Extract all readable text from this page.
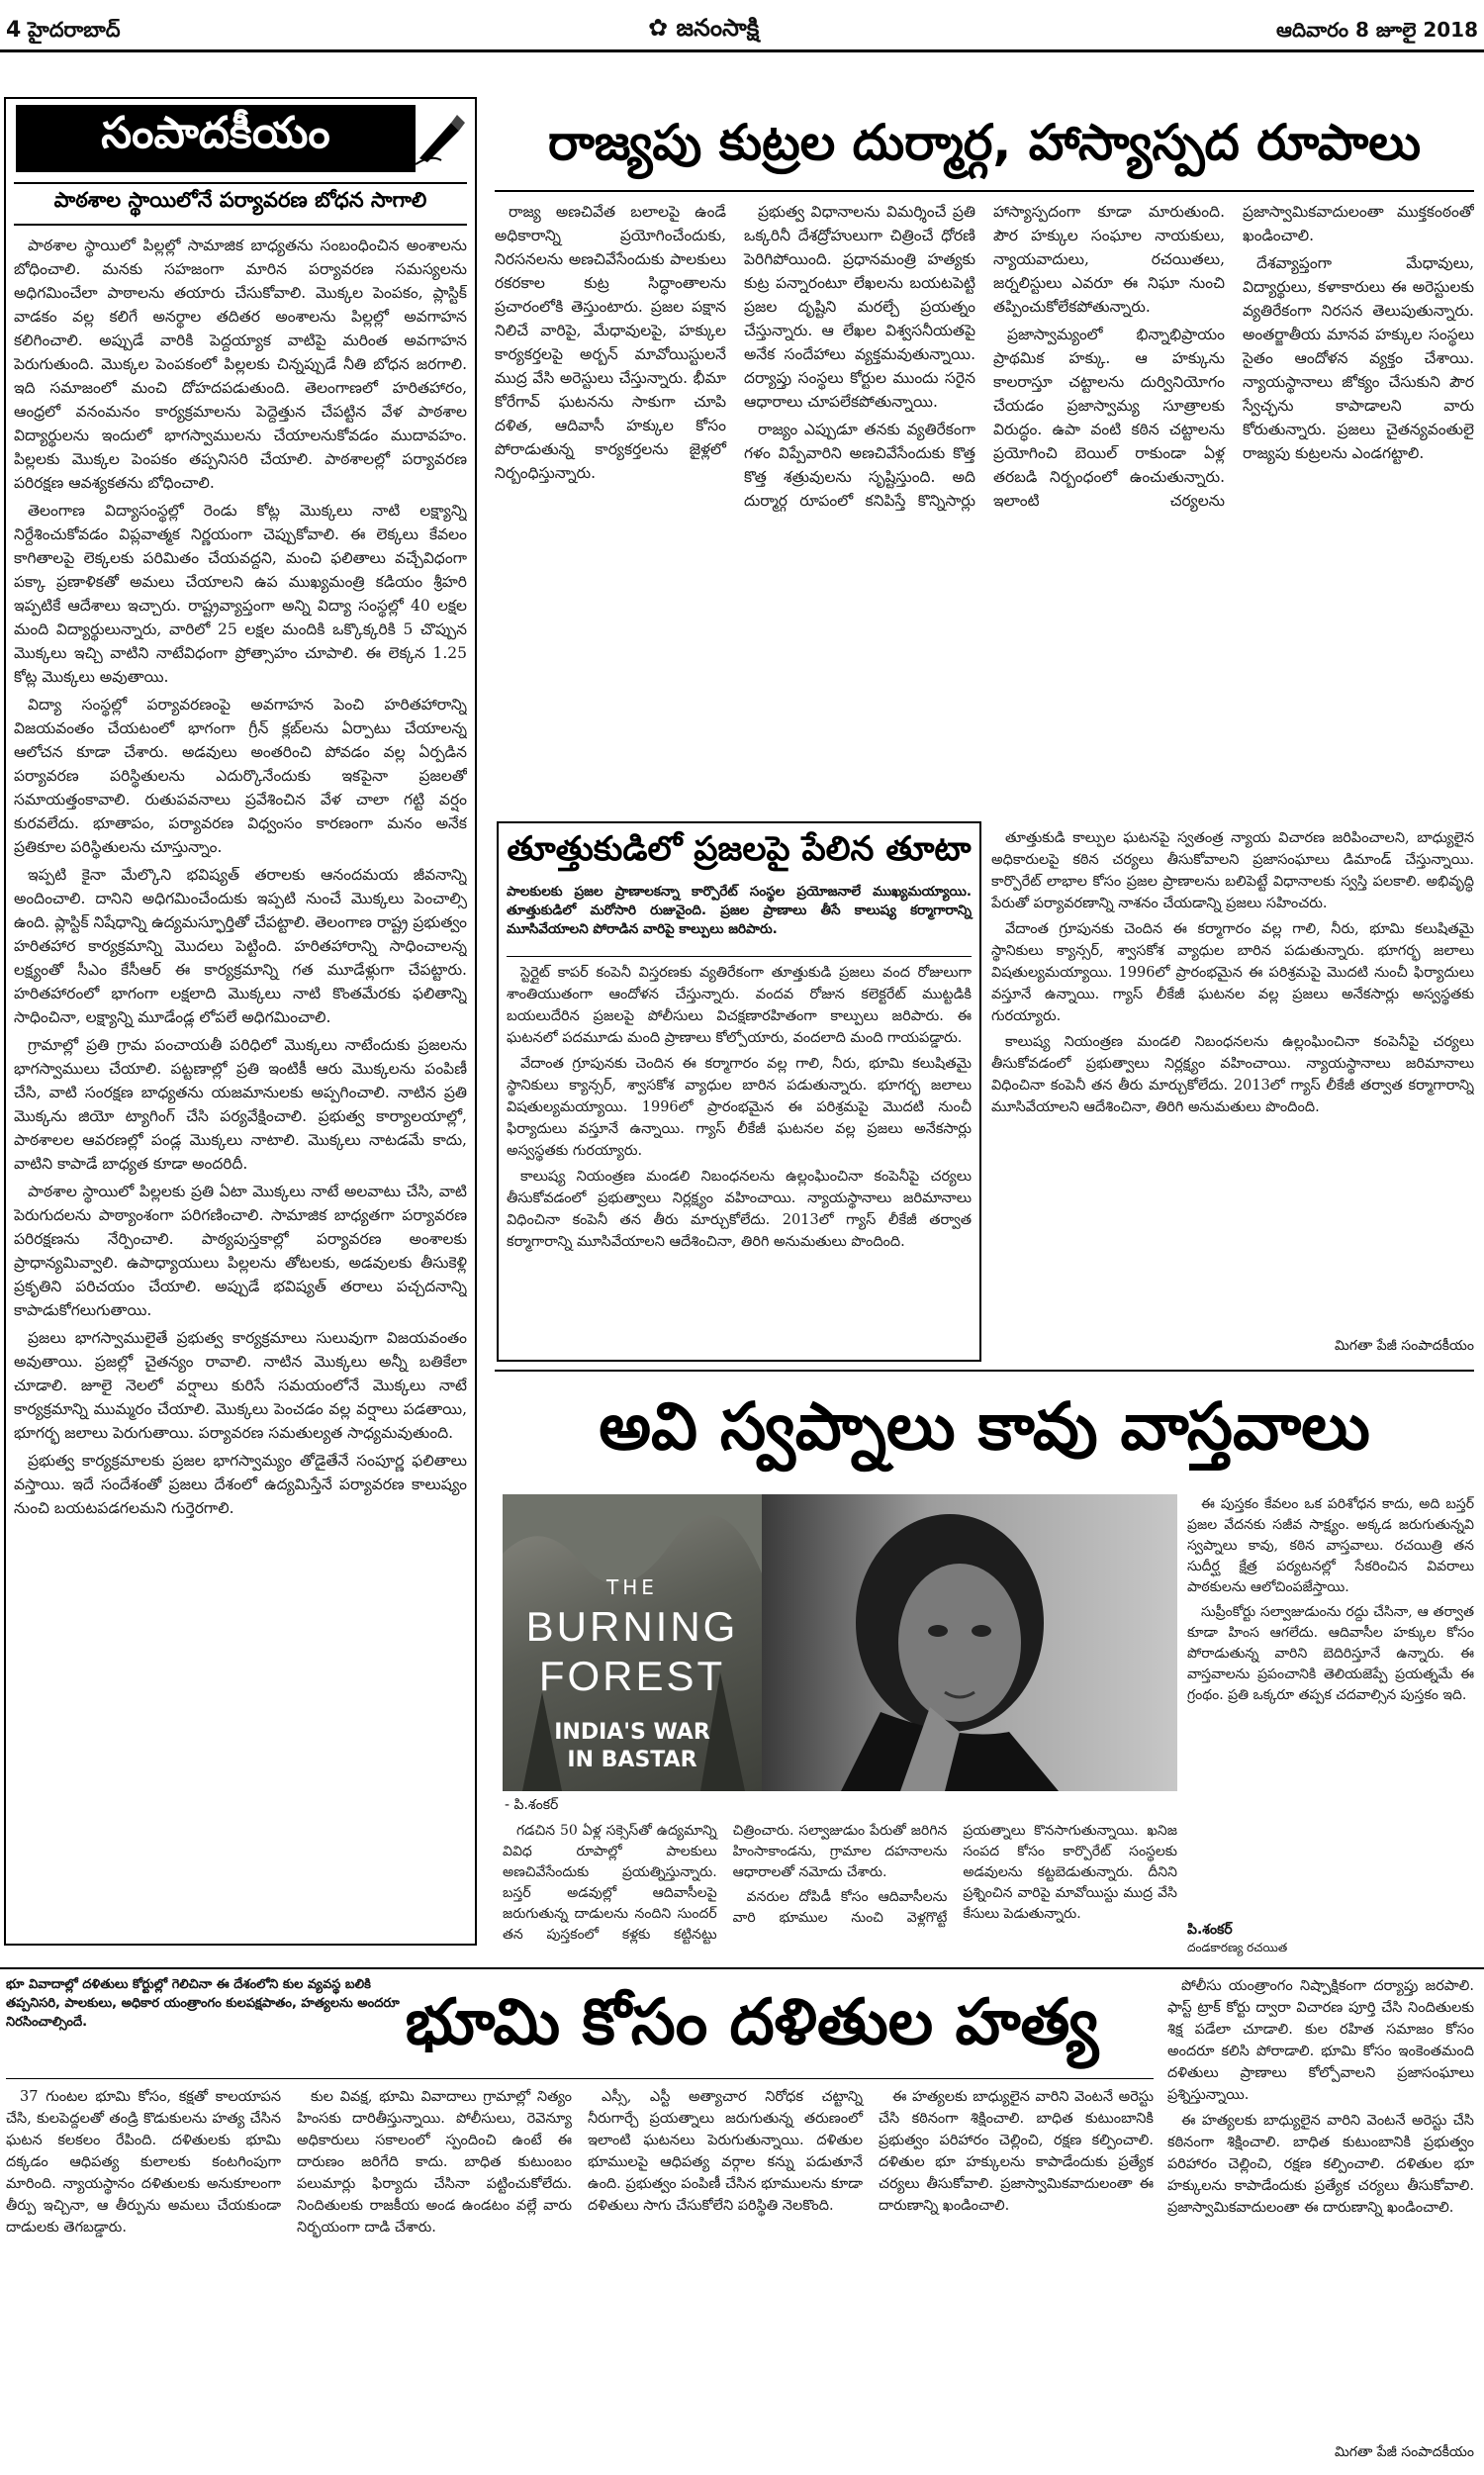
4 హైదరాబాద్	✿ జనంసాక్షి	ఆదివారం 8 జూలై 2018
సంపాదకీయం
పాఠశాల స్థాయిలోనే పర్యావరణ బోధన సాగాలి

పాఠశాల స్థాయిలో పిల్లల్లో సామాజిక బాధ్యతను సంబంధించిన అంశాలను బోధించాలి. మనకు సహజంగా మారిన పర్యావరణ సమస్యలను అధిగమించేలా పాఠాలను తయారు చేసుకోవాలి. మొక్కల పెంపకం, ప్లాస్టిక్ వాడకం వల్ల కలిగే అనర్థాల తదితర అంశాలను పిల్లల్లో అవగాహన కలిగించాలి. అప్పుడే వారికి పెద్దయ్యాక వాటిపై మరింత అవగాహన పెరుగుతుంది. మొక్కల పెంపకంలో పిల్లలకు చిన్నప్పుడే నీతి బోధన జరగాలి. ఇది సమాజంలో మంచి దోహదపడుతుంది. తెలంగాణలో హరితహారం, ఆంధ్రలో వనంమనం కార్యక్రమాలను పెద్దెత్తున చేపట్టిన వేళ పాఠశాల విద్యార్థులను ఇందులో భాగస్వాములను చేయాలనుకోవడం ముదావహం. పిల్లలకు మొక్కల పెంపకం తప్పనిసరి చేయాలి. పాఠశాలల్లో పర్యావరణ పరిరక్షణ ఆవశ్యకతను బోధించాలి.

తెలంగాణ విద్యాసంస్థల్లో రెండు కోట్ల మొక్కలు నాటి లక్ష్యాన్ని నిర్దేశించుకోవడం విప్లవాత్మక నిర్ణయంగా చెప్పుకోవాలి. ఈ లెక్కలు కేవలం కాగితాలపై లెక్కలకు పరిమితం చేయవద్దని, మంచి ఫలితాలు వచ్చేవిధంగా పక్కా ప్రణాళికతో అమలు చేయాలని ఉప ముఖ్యమంత్రి కడియం శ్రీహరి ఇప్పటికే ఆదేశాలు ఇచ్చారు. రాష్ట్రవ్యాప్తంగా అన్ని విద్యా సంస్థల్లో 40 లక్షల మంది విద్యార్థులున్నారు, వారిలో 25 లక్షల మందికి ఒక్కొక్కరికి 5 చొప్పున మొక్కలు ఇచ్చి వాటిని నాటేవిధంగా ప్రోత్సాహం చూపాలి. ఈ లెక్కన 1.25 కోట్ల మొక్కలు అవుతాయి.

విద్యా సంస్థల్లో పర్యావరణంపై అవగాహన పెంచి హరితహారాన్ని విజయవంతం చేయటంలో భాగంగా గ్రీన్ క్లబ్‌లను ఏర్పాటు చేయాలన్న ఆలోచన కూడా చేశారు. అడవులు అంతరించి పోవడం వల్ల ఏర్పడిన పర్యావరణ పరిస్థితులను ఎదుర్కొనేందుకు ఇకపైనా ప్రజలతో సమాయత్తంకావాలి. రుతుపవనాలు ప్రవేశించిన వేళ చాలా గట్టి వర్షం కురవలేదు. భూతాపం, పర్యావరణ విధ్వంసం కారణంగా మనం అనేక ప్రతికూల పరిస్థితులను చూస్తున్నాం.

ఇప్పటి కైనా మేల్కొని భవిష్యత్ తరాలకు ఆనందమయ జీవనాన్ని అందించాలి. దానిని అధిగమించేందుకు ఇప్పటి నుంచే మొక్కలు పెంచాల్సి ఉంది. ప్లాస్టిక్ నిషేధాన్ని ఉద్యమస్ఫూర్తితో చేపట్టాలి. తెలంగాణ రాష్ట్ర ప్రభుత్వం హరితహార కార్యక్రమాన్ని మొదలు పెట్టింది. హరితహారాన్ని సాధించాలన్న లక్ష్యంతో సీఎం కేసీఆర్ ఈ కార్యక్రమాన్ని గత మూడేళ్లుగా చేపట్టారు. హరితహారంలో భాగంగా లక్షలాది మొక్కలు నాటి కొంతమేరకు ఫలితాన్ని సాధించినా, లక్ష్యాన్ని మూడేండ్ల లోపలే అధిగమించాలి.

గ్రామాల్లో ప్రతి గ్రామ పంచాయతీ పరిధిలో మొక్కలు నాటేందుకు ప్రజలను భాగస్వాములు చేయాలి. పట్టణాల్లో ప్రతి ఇంటికీ ఆరు మొక్కలను పంపిణీ చేసి, వాటి సంరక్షణ బాధ్యతను యజమానులకు అప్పగించాలి. నాటిన ప్రతి మొక్కను జియో ట్యాగింగ్ చేసి పర్యవేక్షించాలి. ప్రభుత్వ కార్యాలయాల్లో, పాఠశాలల ఆవరణల్లో పండ్ల మొక్కలు నాటాలి. మొక్కలు నాటడమే కాదు, వాటిని కాపాడే బాధ్యత కూడా అందరిదీ.

పాఠశాల స్థాయిలో పిల్లలకు ప్రతి ఏటా మొక్కలు నాటే అలవాటు చేసి, వాటి పెరుగుదలను పాఠ్యాంశంగా పరిగణించాలి. సామాజిక బాధ్యతగా పర్యావరణ పరిరక్షణను నేర్పించాలి. పాఠ్యపుస్తకాల్లో పర్యావరణ అంశాలకు ప్రాధాన్యమివ్వాలి. ఉపాధ్యాయులు పిల్లలను తోటలకు, అడవులకు తీసుకెళ్లి ప్రకృతిని పరిచయం చేయాలి. అప్పుడే భవిష్యత్ తరాలు పచ్చదనాన్ని కాపాడుకోగలుగుతాయి.

ప్రజలు భాగస్వాములైతే ప్రభుత్వ కార్యక్రమాలు సులువుగా విజయవంతం అవుతాయి. ప్రజల్లో చైతన్యం రావాలి. నాటిన మొక్కలు అన్నీ బతికేలా చూడాలి. జూలై నెలలో వర్షాలు కురిసే సమయంలోనే మొక్కలు నాటే కార్యక్రమాన్ని ముమ్మరం చేయాలి. మొక్కలు పెంచడం వల్ల వర్షాలు పడతాయి, భూగర్భ జలాలు పెరుగుతాయి. పర్యావరణ సమతుల్యత సాధ్యమవుతుంది.

ప్రభుత్వ కార్యక్రమాలకు ప్రజల భాగస్వామ్యం తోడైతేనే సంపూర్ణ ఫలితాలు వస్తాయి. ఇదే సందేశంతో ప్రజలు దేశంలో ఉద్యమిస్తేనే పర్యావరణ కాలుష్యం నుంచి బయటపడగలమని గుర్తెరగాలి.

రాజ్యపు కుట్రల దుర్మార్గ, హాస్యాస్పద రూపాలు

రాజ్య అణచివేత బలాలపై ఉండే అధికారాన్ని ప్రయోగించేందుకు, నిరసనలను అణచివేసేందుకు పాలకులు రకరకాల కుట్ర సిద్ధాంతాలను ప్రచారంలోకి తెస్తుంటారు. ప్రజల పక్షాన నిలిచే వారిపై, మేధావులపై, హక్కుల కార్యకర్తలపై అర్బన్ మావోయిస్టులనే ముద్ర వేసి అరెస్టులు చేస్తున్నారు. భీమా కోరేగావ్ ఘటనను సాకుగా చూపి దళిత, ఆదివాసీ హక్కుల కోసం పోరాడుతున్న కార్యకర్తలను జైళ్లలో నిర్బంధిస్తున్నారు.

ప్రభుత్వ విధానాలను విమర్శించే ప్రతి ఒక్కరినీ దేశద్రోహులుగా చిత్రించే ధోరణి పెరిగిపోయింది. ప్రధానమంత్రి హత్యకు కుట్ర పన్నారంటూ లేఖలను బయటపెట్టి ప్రజల దృష్టిని మరల్చే ప్రయత్నం చేస్తున్నారు. ఆ లేఖల విశ్వసనీయతపై అనేక సందేహాలు వ్యక్తమవుతున్నాయి. దర్యాప్తు సంస్థలు కోర్టుల ముందు సరైన ఆధారాలు చూపలేకపోతున్నాయి.

రాజ్యం ఎప్పుడూ తనకు వ్యతిరేకంగా గళం విప్పేవారిని అణచివేసేందుకు కొత్త కొత్త శత్రువులను సృష్టిస్తుంది. అది దుర్మార్గ రూపంలో కనిపిస్తే కొన్నిసార్లు హాస్యాస్పదంగా కూడా మారుతుంది. పౌర హక్కుల సంఘాల నాయకులు, న్యాయవాదులు, రచయితలు, జర్నలిస్టులు ఎవరూ ఈ నిఘా నుంచి తప్పించుకోలేకపోతున్నారు.

ప్రజాస్వామ్యంలో భిన్నాభిప్రాయం ప్రాథమిక హక్కు. ఆ హక్కును కాలరాస్తూ చట్టాలను దుర్వినియోగం చేయడం ప్రజాస్వామ్య సూత్రాలకు విరుద్ధం. ఉపా వంటి కఠిన చట్టాలను ప్రయోగించి బెయిల్ రాకుండా ఏళ్ల తరబడి నిర్బంధంలో ఉంచుతున్నారు. ఇలాంటి చర్యలను ప్రజాస్వామికవాదులంతా ముక్తకంఠంతో ఖండించాలి.

దేశవ్యాప్తంగా మేధావులు, విద్యార్థులు, కళాకారులు ఈ అరెస్టులకు వ్యతిరేకంగా నిరసన తెలుపుతున్నారు. అంతర్జాతీయ మానవ హక్కుల సంస్థలు సైతం ఆందోళన వ్యక్తం చేశాయి. న్యాయస్థానాలు జోక్యం చేసుకుని పౌర స్వేచ్ఛను కాపాడాలని వారు కోరుతున్నారు. ప్రజలు చైతన్యవంతులై రాజ్యపు కుట్రలను ఎండగట్టాలి.

తూత్తుకుడిలో ప్రజలపై పేలిన తూటా
పాలకులకు ప్రజల ప్రాణాలకన్నా కార్పొరేట్ సంస్థల ప్రయోజనాలే ముఖ్యమయ్యాయి. తూత్తుకుడిలో మరోసారి రుజువైంది. ప్రజల ప్రాణాలు తీసే కాలుష్య కర్మాగారాన్ని మూసివేయాలని పోరాడిన వారిపై కాల్పులు జరిపారు.

స్టెర్లైట్ కాపర్ కంపెనీ విస్తరణకు వ్యతిరేకంగా తూత్తుకుడి ప్రజలు వంద రోజులుగా శాంతియుతంగా ఆందోళన చేస్తున్నారు. వందవ రోజున కలెక్టరేట్ ముట్టడికి బయలుదేరిన ప్రజలపై పోలీసులు విచక్షణారహితంగా కాల్పులు జరిపారు. ఈ ఘటనలో పదమూడు మంది ప్రాణాలు కోల్పోయారు, వందలాది మంది గాయపడ్డారు.

వేదాంత గ్రూపునకు చెందిన ఈ కర్మాగారం వల్ల గాలి, నీరు, భూమి కలుషితమై స్థానికులు క్యాన్సర్, శ్వాసకోశ వ్యాధుల బారిన పడుతున్నారు. భూగర్భ జలాలు విషతుల్యమయ్యాయి. 1996లో ప్రారంభమైన ఈ పరిశ్రమపై మొదటి నుంచీ ఫిర్యాదులు వస్తూనే ఉన్నాయి. గ్యాస్ లీకేజీ ఘటనల వల్ల ప్రజలు అనేకసార్లు అస్వస్థతకు గురయ్యారు.

కాలుష్య నియంత్రణ మండలి నిబంధనలను ఉల్లంఘించినా కంపెనీపై చర్యలు తీసుకోవడంలో ప్రభుత్వాలు నిర్లక్ష్యం వహించాయి. న్యాయస్థానాలు జరిమానాలు విధించినా కంపెనీ తన తీరు మార్చుకోలేదు. 2013లో గ్యాస్ లీకేజీ తర్వాత కర్మాగారాన్ని మూసివేయాలని ఆదేశించినా, తిరిగి అనుమతులు పొందింది.

తూత్తుకుడి కాల్పుల ఘటనపై స్వతంత్ర న్యాయ విచారణ జరిపించాలని, బాధ్యులైన అధికారులపై కఠిన చర్యలు తీసుకోవాలని ప్రజాసంఘాలు డిమాండ్ చేస్తున్నాయి. కార్పొరేట్ లాభాల కోసం ప్రజల ప్రాణాలను బలిపెట్టే విధానాలకు స్వస్తి పలకాలి. అభివృద్ధి పేరుతో పర్యావరణాన్ని నాశనం చేయడాన్ని ప్రజలు సహించరు.

వేదాంత గ్రూపునకు చెందిన ఈ కర్మాగారం వల్ల గాలి, నీరు, భూమి కలుషితమై స్థానికులు క్యాన్సర్, శ్వాసకోశ వ్యాధుల బారిన పడుతున్నారు. భూగర్భ జలాలు విషతుల్యమయ్యాయి. 1996లో ప్రారంభమైన ఈ పరిశ్రమపై మొదటి నుంచీ ఫిర్యాదులు వస్తూనే ఉన్నాయి. గ్యాస్ లీకేజీ ఘటనల వల్ల ప్రజలు అనేకసార్లు అస్వస్థతకు గురయ్యారు.

కాలుష్య నియంత్రణ మండలి నిబంధనలను ఉల్లంఘించినా కంపెనీపై చర్యలు తీసుకోవడంలో ప్రభుత్వాలు నిర్లక్ష్యం వహించాయి. న్యాయస్థానాలు జరిమానాలు విధించినా కంపెనీ తన తీరు మార్చుకోలేదు. 2013లో గ్యాస్ లీకేజీ తర్వాత కర్మాగారాన్ని మూసివేయాలని ఆదేశించినా, తిరిగి అనుమతులు పొందింది.

మిగతా పేజీ సంపాదకీయం
అవి స్వప్నాలు కావు వాస్తవాలు
THE
BURNING
FOREST
INDIA'S WAR
IN BASTAR
- పి.శంకర్

గడచిన 50 ఏళ్ల సక్సెస్‌తో ఉద్యమాన్ని వివిధ రూపాల్లో పాలకులు అణచివేసేందుకు ప్రయత్నిస్తున్నారు. బస్తర్ అడవుల్లో ఆదివాసీలపై జరుగుతున్న దాడులను నందిని సుందర్ తన పుస్తకంలో కళ్లకు కట్టినట్టు చిత్రించారు. సల్వాజుడుం పేరుతో జరిగిన హింసాకాండను, గ్రామాల దహనాలను ఆధారాలతో నమోదు చేశారు.

వనరుల దోపిడీ కోసం ఆదివాసీలను వారి భూముల నుంచి వెళ్లగొట్టే ప్రయత్నాలు కొనసాగుతున్నాయి. ఖనిజ సంపద కోసం కార్పొరేట్ సంస్థలకు అడవులను కట్టబెడుతున్నారు. దీనిని ప్రశ్నించిన వారిపై మావోయిస్టు ముద్ర వేసి కేసులు పెడుతున్నారు.

ఈ పుస్తకం కేవలం ఒక పరిశోధన కాదు, అది బస్తర్ ప్రజల వేదనకు సజీవ సాక్ష్యం. అక్కడ జరుగుతున్నవి స్వప్నాలు కావు, కఠిన వాస్తవాలు. రచయిత్రి తన సుదీర్ఘ క్షేత్ర పర్యటనల్లో సేకరించిన వివరాలు పాఠకులను ఆలోచింపజేస్తాయి.

సుప్రీంకోర్టు సల్వాజుడుంను రద్దు చేసినా, ఆ తర్వాత కూడా హింస ఆగలేదు. ఆదివాసీల హక్కుల కోసం పోరాడుతున్న వారిని బెదిరిస్తూనే ఉన్నారు. ఈ వాస్తవాలను ప్రపంచానికి తెలియజెప్పే ప్రయత్నమే ఈ గ్రంథం. ప్రతి ఒక్కరూ తప్పక చదవాల్సిన పుస్తకం ఇది.

పి.శంకర్
దండకారణ్య రచయిత
భూ వివాదాల్లో దళితులు కోర్టుల్లో గెలిచినా ఈ దేశంలోని కుల వ్యవస్థ బలికి తప్పనిసరి, పాలకులు, అధికార యంత్రాంగం కులపక్షపాతం, హత్యలను అందరూ నిరసించాల్సిందే.	భూమి కోసం దళితుల హత్య

37 గుంటల భూమి కోసం, కక్షతో కాలయాపన చేసి, కులపెద్దలతో తండ్రి కొడుకులను హత్య చేసిన ఘటన కలకలం రేపింది. దళితులకు భూమి దక్కడం ఆధిపత్య కులాలకు కంటగింపుగా మారింది. న్యాయస్థానం దళితులకు అనుకూలంగా తీర్పు ఇచ్చినా, ఆ తీర్పును అమలు చేయకుండా దాడులకు తెగబడ్డారు.

కుల వివక్ష, భూమి వివాదాలు గ్రామాల్లో నిత్యం హింసకు దారితీస్తున్నాయి. పోలీసులు, రెవెన్యూ అధికారులు సకాలంలో స్పందించి ఉంటే ఈ దారుణం జరిగేది కాదు. బాధిత కుటుంబం పలుమార్లు ఫిర్యాదు చేసినా పట్టించుకోలేదు. నిందితులకు రాజకీయ అండ ఉండటం వల్లే వారు నిర్భయంగా దాడి చేశారు.

ఎస్సీ, ఎస్టీ అత్యాచార నిరోధక చట్టాన్ని నీరుగార్చే ప్రయత్నాలు జరుగుతున్న తరుణంలో ఇలాంటి ఘటనలు పెరుగుతున్నాయి. దళితుల భూములపై ఆధిపత్య వర్గాల కన్ను పడుతూనే ఉంది. ప్రభుత్వం పంపిణీ చేసిన భూములను కూడా దళితులు సాగు చేసుకోలేని పరిస్థితి నెలకొంది.

ఈ హత్యలకు బాధ్యులైన వారిని వెంటనే అరెస్టు చేసి కఠినంగా శిక్షించాలి. బాధిత కుటుంబానికి ప్రభుత్వం పరిహారం చెల్లించి, రక్షణ కల్పించాలి. దళితుల భూ హక్కులను కాపాడేందుకు ప్రత్యేక చర్యలు తీసుకోవాలి. ప్రజాస్వామికవాదులంతా ఈ దారుణాన్ని ఖండించాలి.

పోలీసు యంత్రాంగం నిష్పాక్షికంగా దర్యాప్తు జరపాలి. ఫాస్ట్ ట్రాక్ కోర్టు ద్వారా విచారణ పూర్తి చేసి నిందితులకు శిక్ష పడేలా చూడాలి. కుల రహిత సమాజం కోసం అందరూ కలిసి పోరాడాలి. భూమి కోసం ఇంకెంతమంది దళితులు ప్రాణాలు కోల్పోవాలని ప్రజాసంఘాలు ప్రశ్నిస్తున్నాయి.

ఈ హత్యలకు బాధ్యులైన వారిని వెంటనే అరెస్టు చేసి కఠినంగా శిక్షించాలి. బాధిత కుటుంబానికి ప్రభుత్వం పరిహారం చెల్లించి, రక్షణ కల్పించాలి. దళితుల భూ హక్కులను కాపాడేందుకు ప్రత్యేక చర్యలు తీసుకోవాలి. ప్రజాస్వామికవాదులంతా ఈ దారుణాన్ని ఖండించాలి.

మిగతా పేజీ సంపాదకీయం
